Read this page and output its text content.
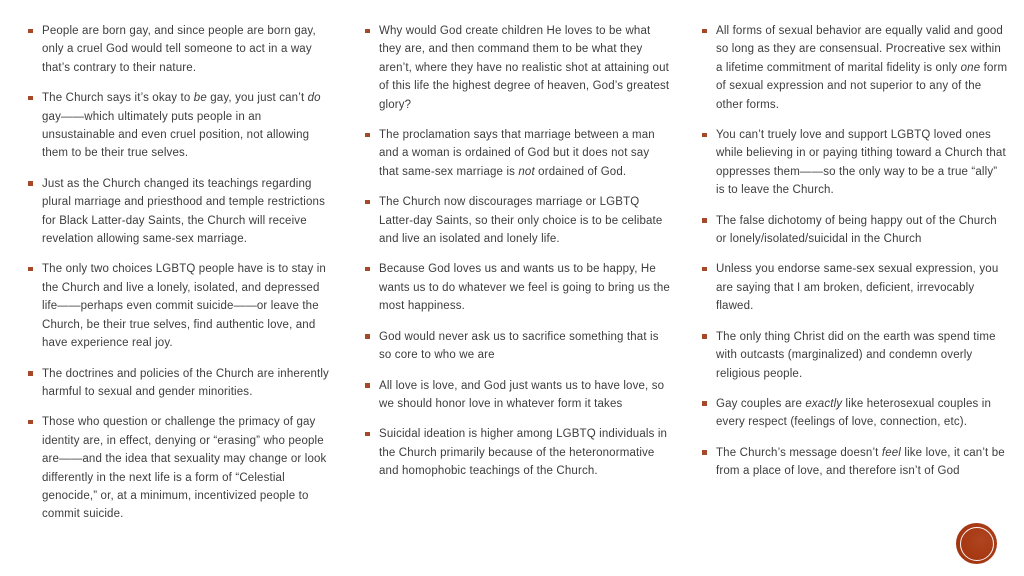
People are born gay, and since people are born gay, only a cruel God would tell someone to act in a way that’s contrary to their nature.
The Church says it’s okay to be gay, you just can’t do gay——which ultimately puts people in an unsustainable and even cruel position, not allowing them to be their true selves.
Just as the Church changed its teachings regarding plural marriage and priesthood and temple restrictions for Black Latter-day Saints, the Church will receive revelation allowing same-sex marriage.
The only two choices LGBTQ people have is to stay in the Church and live a lonely, isolated, and depressed life——perhaps even commit suicide——or leave the Church, be their true selves, find authentic love, and have experience real joy.
The doctrines and policies of the Church are inherently harmful to sexual and gender minorities.
Those who question or challenge the primacy of gay identity are, in effect, denying or “erasing” who people are——and the idea that sexuality may change or look differently in the next life is a form of “Celestial genocide,” or, at a minimum, incentivized people to commit suicide.
Why would God create children He loves to be what they are, and then command them to be what they aren’t, where they have no realistic shot at attaining out of this life the highest degree of heaven, God’s greatest glory?
The proclamation says that marriage between a man and a woman is ordained of God but it does not say that same-sex marriage is not ordained of God.
The Church now discourages marriage or LGBTQ Latter-day Saints, so their only choice is to be celibate and live an isolated and lonely life.
Because God loves us and wants us to be happy, He wants us to do whatever we feel is going to bring us the most happiness.
God would never ask us to sacrifice something that is so core to who we are
All love is love, and God just wants us to have love, so we should honor love in whatever form it takes
Suicidal ideation is higher among LGBTQ individuals in the Church primarily because of the heteronormative and homophobic teachings of the Church.
All forms of sexual behavior are equally valid and good so long as they are consensual. Procreative sex within a lifetime commitment of marital fidelity is only one form of sexual expression and not superior to any of the other forms.
You can’t truely love and support LGBTQ loved ones while believing in or paying tithing toward a Church that oppresses them——so the only way to be a true “ally” is to leave the Church.
The false dichotomy of being happy out of the Church or lonely/isolated/suicidal in the Church
Unless you endorse same-sex sexual expression, you are saying that I am broken, deficient, irrevocably flawed.
The only thing Christ did on the earth was spend time with outcasts (marginalized) and condemn overly religious people.
Gay couples are exactly like heterosexual couples in every respect (feelings of love, connection, etc).
The Church’s message doesn’t feel like love, it can’t be from a place of love, and therefore isn’t of God
